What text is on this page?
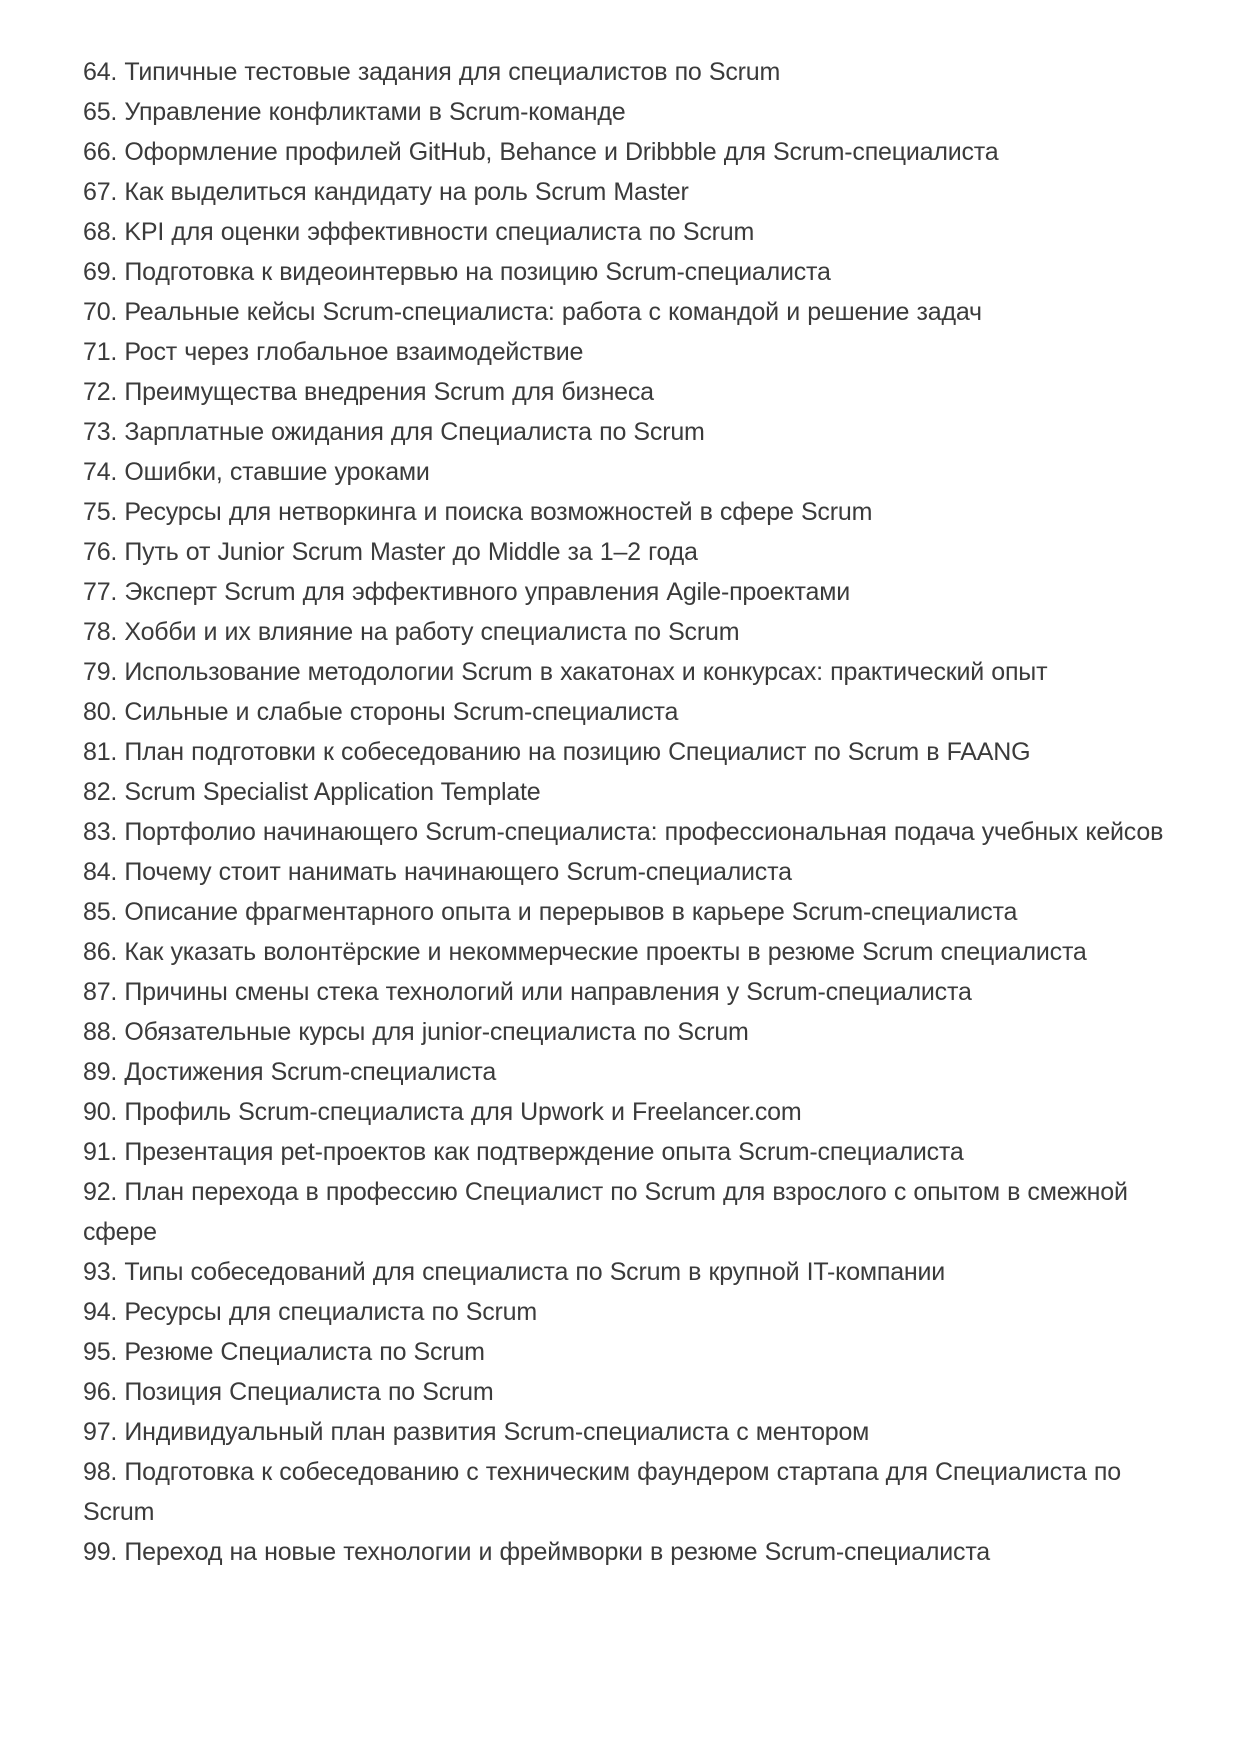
64. Типичные тестовые задания для специалистов по Scrum

65. Управление конфликтами в Scrum-команде

66. Оформление профилей GitHub, Behance и Dribbble для Scrum-специалиста

67. Как выделиться кандидату на роль Scrum Master

68. KPI для оценки эффективности специалиста по Scrum

69. Подготовка к видеоинтервью на позицию Scrum-специалиста

70. Реальные кейсы Scrum-специалиста: работа с командой и решение задач

71. Рост через глобальное взаимодействие

72. Преимущества внедрения Scrum для бизнеса

73. Зарплатные ожидания для Специалиста по Scrum

74. Ошибки, ставшие уроками

75. Ресурсы для нетворкинга и поиска возможностей в сфере Scrum

76. Путь от Junior Scrum Master до Middle за 1–2 года

77. Эксперт Scrum для эффективного управления Agile-проектами

78. Хобби и их влияние на работу специалиста по Scrum

79. Использование методологии Scrum в хакатонах и конкурсах: практический опыт

80. Сильные и слабые стороны Scrum-специалиста

81. План подготовки к собеседованию на позицию Специалист по Scrum в FAANG

82. Scrum Specialist Application Template

83. Портфолио начинающего Scrum-специалиста: профессиональная подача учебных кейсов

84. Почему стоит нанимать начинающего Scrum-специалиста

85. Описание фрагментарного опыта и перерывов в карьере Scrum-специалиста

86. Как указать волонтёрские и некоммерческие проекты в резюме Scrum специалиста

87. Причины смены стека технологий или направления у Scrum-специалиста

88. Обязательные курсы для junior-специалиста по Scrum

89. Достижения Scrum-специалиста

90. Профиль Scrum-специалиста для Upwork и Freelancer.com

91. Презентация pet-проектов как подтверждение опыта Scrum-специалиста

92. План перехода в профессию Специалист по Scrum для взрослого с опытом в смежной сфере

93. Типы собеседований для специалиста по Scrum в крупной IT-компании

94. Ресурсы для специалиста по Scrum

95. Резюме Специалиста по Scrum

96. Позиция Специалиста по Scrum

97. Индивидуальный план развития Scrum-специалиста с ментором

98. Подготовка к собеседованию с техническим фаундером стартапа для Специалиста по Scrum

99. Переход на новые технологии и фреймворки в резюме Scrum-специалиста
